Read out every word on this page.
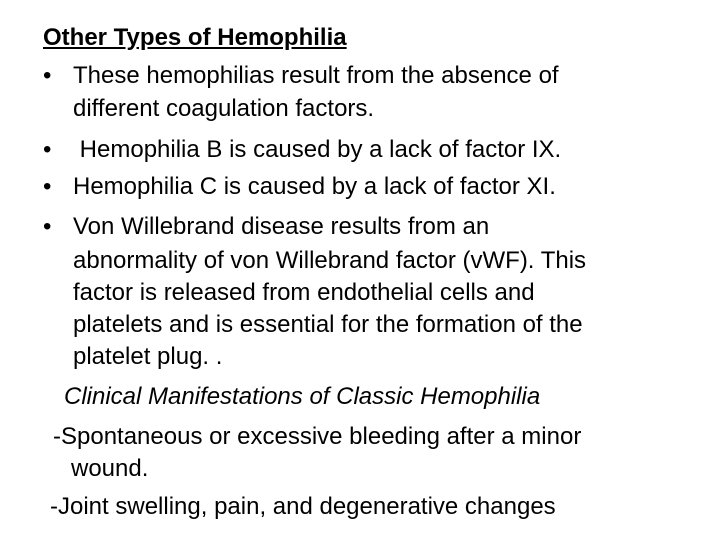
Other Types of Hemophilia
• These hemophilias result from the absence of
different coagulation factors.
• Hemophilia B is caused by a lack of factor IX.
• Hemophilia C is caused by a lack of factor XI.
• Von Willebrand disease results from an
abnormality of von Willebrand factor (vWF). This
factor is released from endothelial cells and
platelets and is essential for the formation of the
platelet plug. .
Clinical Manifestations of Classic Hemophilia
-Spontaneous or excessive bleeding after a minor
wound.
-Joint swelling, pain, and degenerative changes
